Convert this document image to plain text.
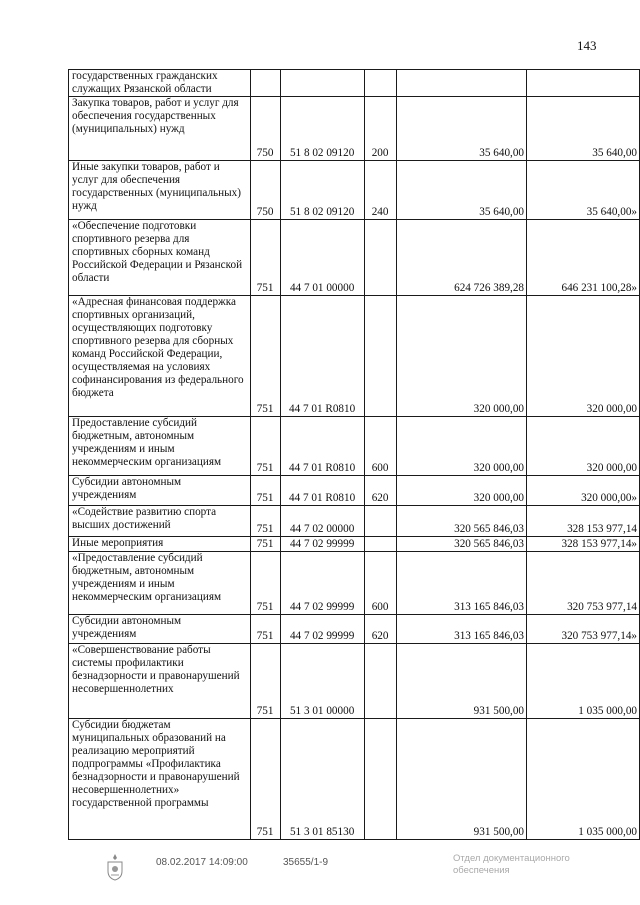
143
государственных гражданских служащих Рязанской области					
Закупка товаров, работ и услуг для обеспечения государственных (муниципальных) нужд	750	51 8 02 09120	200	35 640,00	35 640,00
Иные закупки товаров, работ и услуг для обеспечения государственных (муниципальных) нужд	750	51 8 02 09120	240	35 640,00	35 640,00»
«Обеспечение подготовки спортивного резерва для спортивных сборных команд Российской Федерации и Рязанской области	751	44 7 01 00000		624 726 389,28	646 231 100,28»
«Адресная финансовая поддержка спортивных организаций, осуществляющих подготовку спортивного резерва для сборных команд Российской Федерации, осуществляемая на условиях софинансирования из федерального бюджета	751	44 7 01 R0810		320 000,00	320 000,00
Предоставление субсидий бюджетным, автономным учреждениям и иным некоммерческим организациям	751	44 7 01 R0810	600	320 000,00	320 000,00
Субсидии автономным учреждениям	751	44 7 01 R0810	620	320 000,00	320 000,00»
«Содействие развитию спорта высших достижений	751	44 7 02 00000		320 565 846,03	328 153 977,14
Иные мероприятия	751	44 7 02 99999		320 565 846,03	328 153 977,14»
«Предоставление субсидий бюджетным, автономным учреждениям и иным некоммерческим организациям	751	44 7 02 99999	600	313 165 846,03	320 753 977,14
Субсидии автономным учреждениям	751	44 7 02 99999	620	313 165 846,03	320 753 977,14»
«Совершенствование работы системы профилактики безнадзорности и правонарушений несовершеннолетних	751	51 3 01 00000		931 500,00	1 035 000,00
Субсидии бюджетам муниципальных образований на реализацию мероприятий подпрограммы «Профилактика безнадзорности и правонарушений несовершеннолетних» государственной программы	751	51 3 01 85130		931 500,00	1 035 000,00
08.02.2017 14:09:00	35655/1-9	Отдел документационного
обеспечения
